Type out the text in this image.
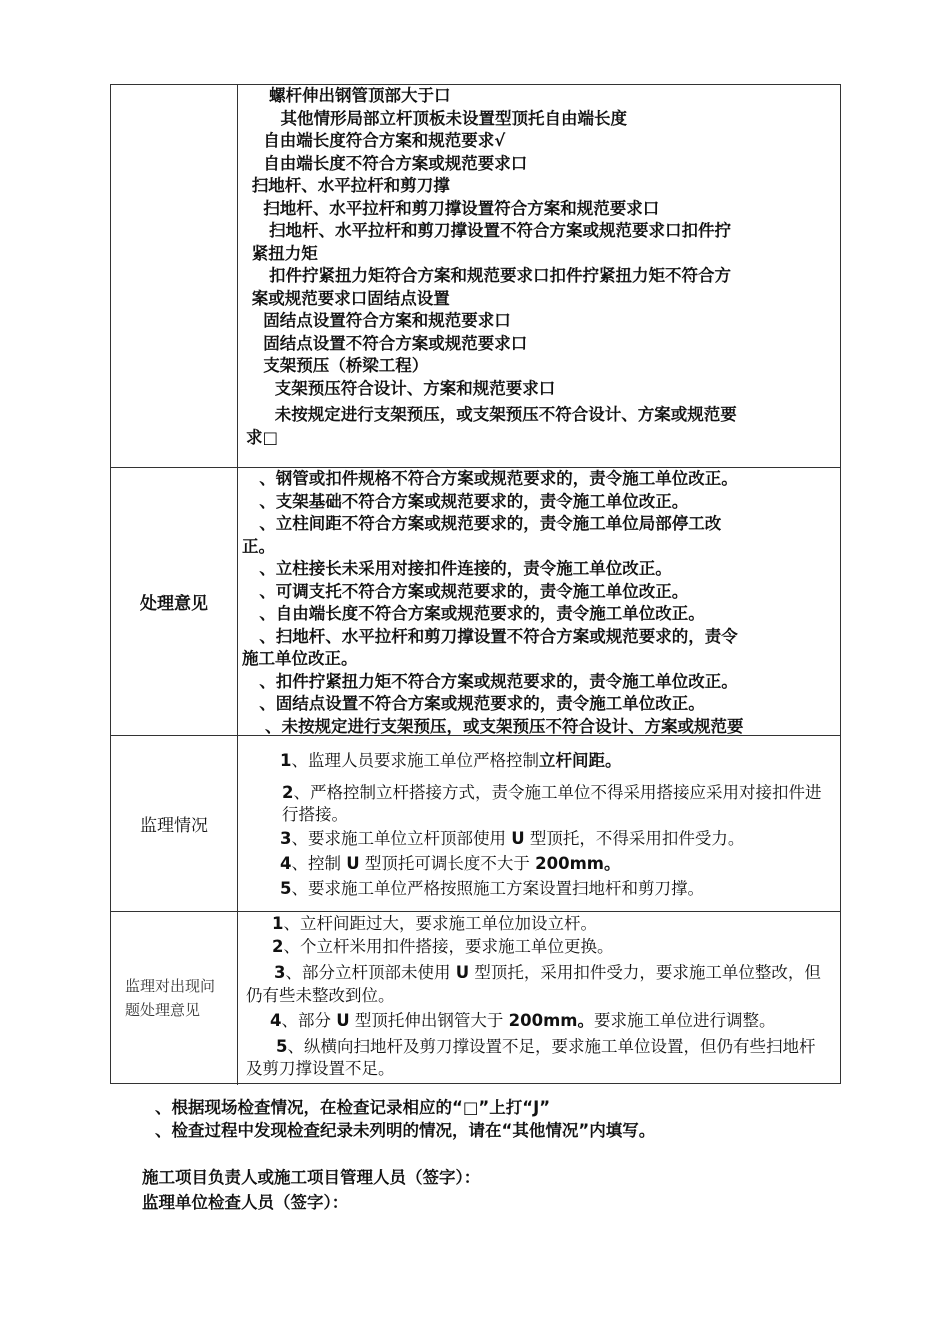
螺杆伸出钢管顶部大于口
其他情形局部立杆顶板未设置型顶托自由端长度
自由端长度符合方案和规范要求√
自由端长度不符合方案或规范要求口
扫地杆、水平拉杆和剪刀撑
扫地杆、水平拉杆和剪刀撑设置符合方案和规范要求口
扫地杆、水平拉杆和剪刀撑设置不符合方案或规范要求口扣件拧
紧扭力矩
扣件拧紧扭力矩符合方案和规范要求口扣件拧紧扭力矩不符合方
案或规范要求口固结点设置
固结点设置符合方案和规范要求口
固结点设置不符合方案或规范要求口
支架预压（桥梁工程）
支架预压符合设计、方案和规范要求口
未按规定进行支架预压，或支架预压不符合设计、方案或规范要
求□
处理意见
、钢管或扣件规格不符合方案或规范要求的，责令施工单位改正。
、支架基础不符合方案或规范要求的，责令施工单位改正。
、立柱间距不符合方案或规范要求的，责令施工单位局部停工改
正。
、立柱接长未采用对接扣件连接的，责令施工单位改正。
、可调支托不符合方案或规范要求的，责令施工单位改正。
、自由端长度不符合方案或规范要求的，责令施工单位改正。
、扫地杆、水平拉杆和剪刀撑设置不符合方案或规范要求的，责令
施工单位改正。
、扣件拧紧扭力矩不符合方案或规范要求的，责令施工单位改正。
、固结点设置不符合方案或规范要求的，责令施工单位改正。
、未按规定进行支架预压，或支架预压不符合设计、方案或规范要
监理情况
1、监理人员要求施工单位严格控制立杆间距。
2、严格控制立杆搭接方式，责令施工单位不得采用搭接应采用对接扣件进行搭接。
3、要求施工单位立杆顶部使用 U 型顶托，不得采用扣件受力。
4、控制 U 型顶托可调长度不大于 200mm。
5、要求施工单位严格按照施工方案设置扫地杆和剪刀撑。
监理对出现问题处理意见
1、立杆间距过大，要求施工单位加设立杆。
2、个立杆米用扣件搭接，要求施工单位更换。
3、部分立杆顶部未使用 U 型顶托，采用扣件受力，要求施工单位整改，但仍有些未整改到位。
4、部分 U 型顶托伸出钢管大于 200mm。要求施工单位进行调整。
5、纵横向扫地杆及剪刀撑设置不足，要求施工单位设置，但仍有些扫地杆及剪刀撑设置不足。
、根据现场检查情况，在检查记录相应的“□”上打“J”
、检查过程中发现检查纪录未列明的情况，请在“其他情况”内填写。
施工项目负责人或施工项目管理人员（签字）：
监理单位检查人员（签字）：
